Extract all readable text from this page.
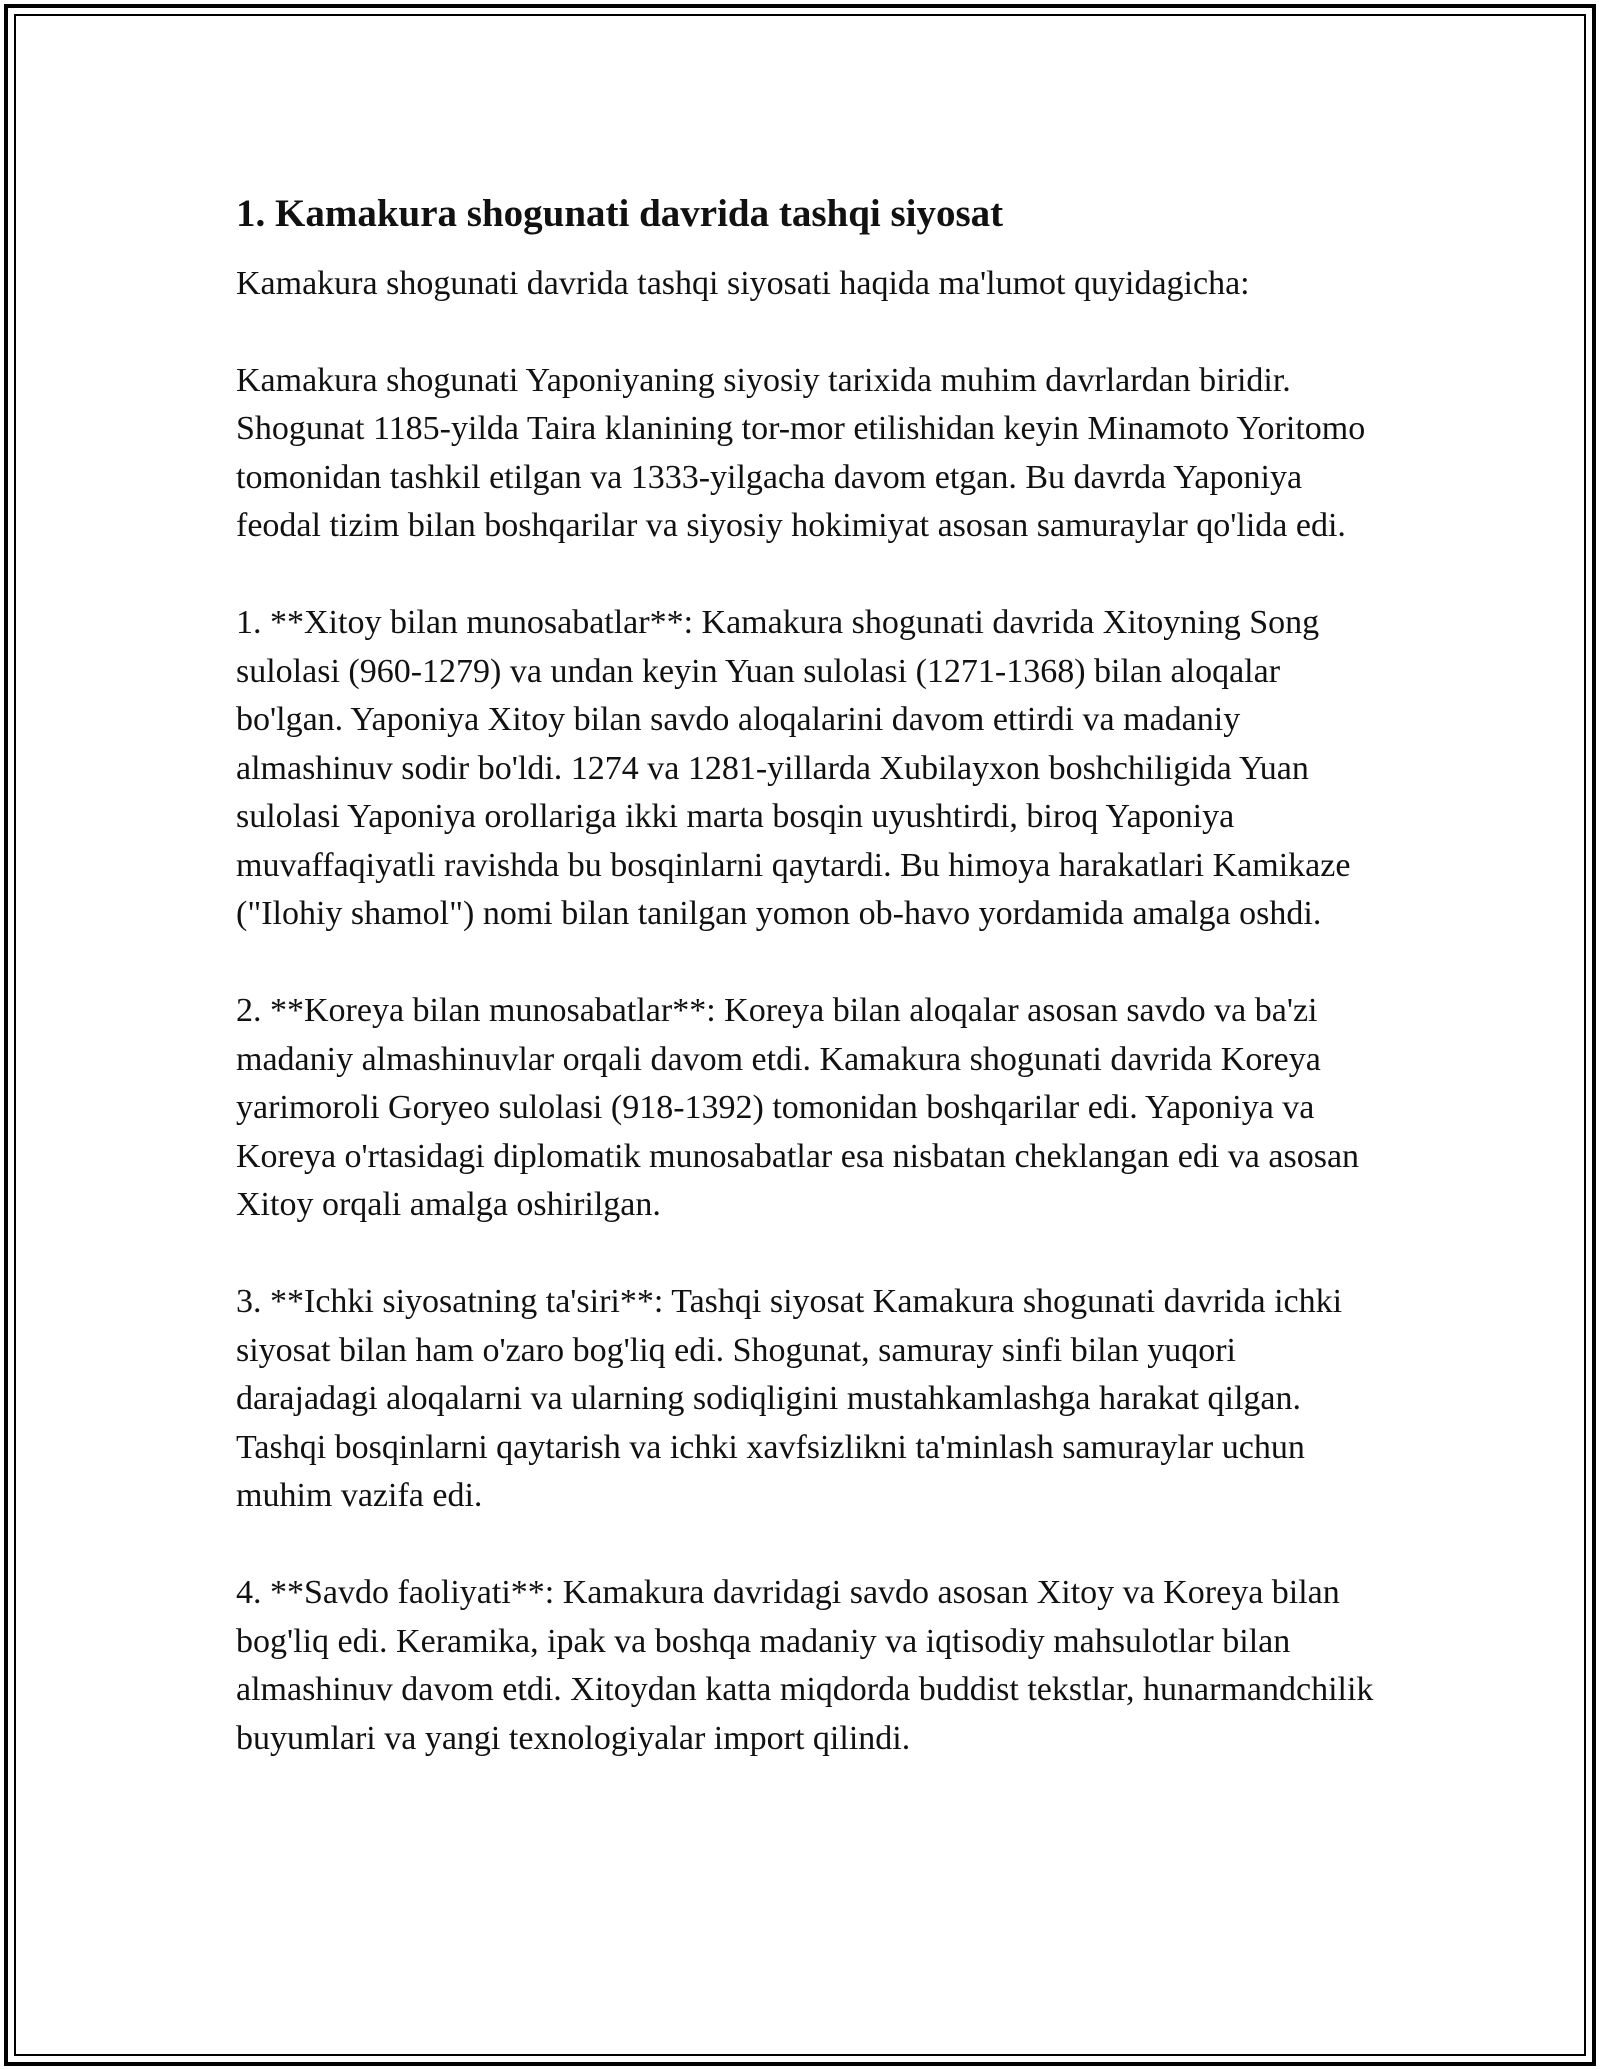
1. Kamakura shogunati davrida tashqi siyosat

Kamakura shogunati davrida tashqi siyosati haqida ma'lumot quyidagicha:

Kamakura shogunati Yaponiyaning siyosiy tarixida muhim davrlardan biridir. Shogunat 1185-yilda Taira klanining tor-mor etilishidan keyin Minamoto Yoritomo tomonidan tashkil etilgan va 1333-yilgacha davom etgan. Bu davrda Yaponiya feodal tizim bilan boshqarilar va siyosiy hokimiyat asosan samuraylar qo'lida edi.

1. **Xitoy bilan munosabatlar**: Kamakura shogunati davrida Xitoyning Song sulolasi (960-1279) va undan keyin Yuan sulolasi (1271-1368) bilan aloqalar bo'lgan. Yaponiya Xitoy bilan savdo aloqalarini davom ettirdi va madaniy almashinuv sodir bo'ldi. 1274 va 1281-yillarda Xubilayxon boshchiligida Yuan sulolasi Yaponiya orollariga ikki marta bosqin uyushtirdi, biroq Yaponiya muvaffaqiyatli ravishda bu bosqinlarni qaytardi. Bu himoya harakatlari Kamikaze ("Ilohiy shamol") nomi bilan tanilgan yomon ob-havo yordamida amalga oshdi.

2. **Koreya bilan munosabatlar**: Koreya bilan aloqalar asosan savdo va ba'zi madaniy almashinuvlar orqali davom etdi. Kamakura shogunati davrida Koreya yarimoroli Goryeo sulolasi (918-1392) tomonidan boshqarilar edi. Yaponiya va Koreya o'rtasidagi diplomatik munosabatlar esa nisbatan cheklangan edi va asosan Xitoy orqali amalga oshirilgan.

3. **Ichki siyosatning ta'siri**: Tashqi siyosat Kamakura shogunati davrida ichki siyosat bilan ham o'zaro bog'liq edi. Shogunat, samuray sinfi bilan yuqori darajadagi aloqalarni va ularning sodiqligini mustahkamlashga harakat qilgan. Tashqi bosqinlarni qaytarish va ichki xavfsizlikni ta'minlash samuraylar uchun muhim vazifa edi.

4. **Savdo faoliyati**: Kamakura davridagi savdo asosan Xitoy va Koreya bilan bog'liq edi. Keramika, ipak va boshqa madaniy va iqtisodiy mahsulotlar bilan almashinuv davom etdi. Xitoydan katta miqdorda buddist tekstlar, hunarmandchilik buyumlari va yangi texnologiyalar import qilindi.
